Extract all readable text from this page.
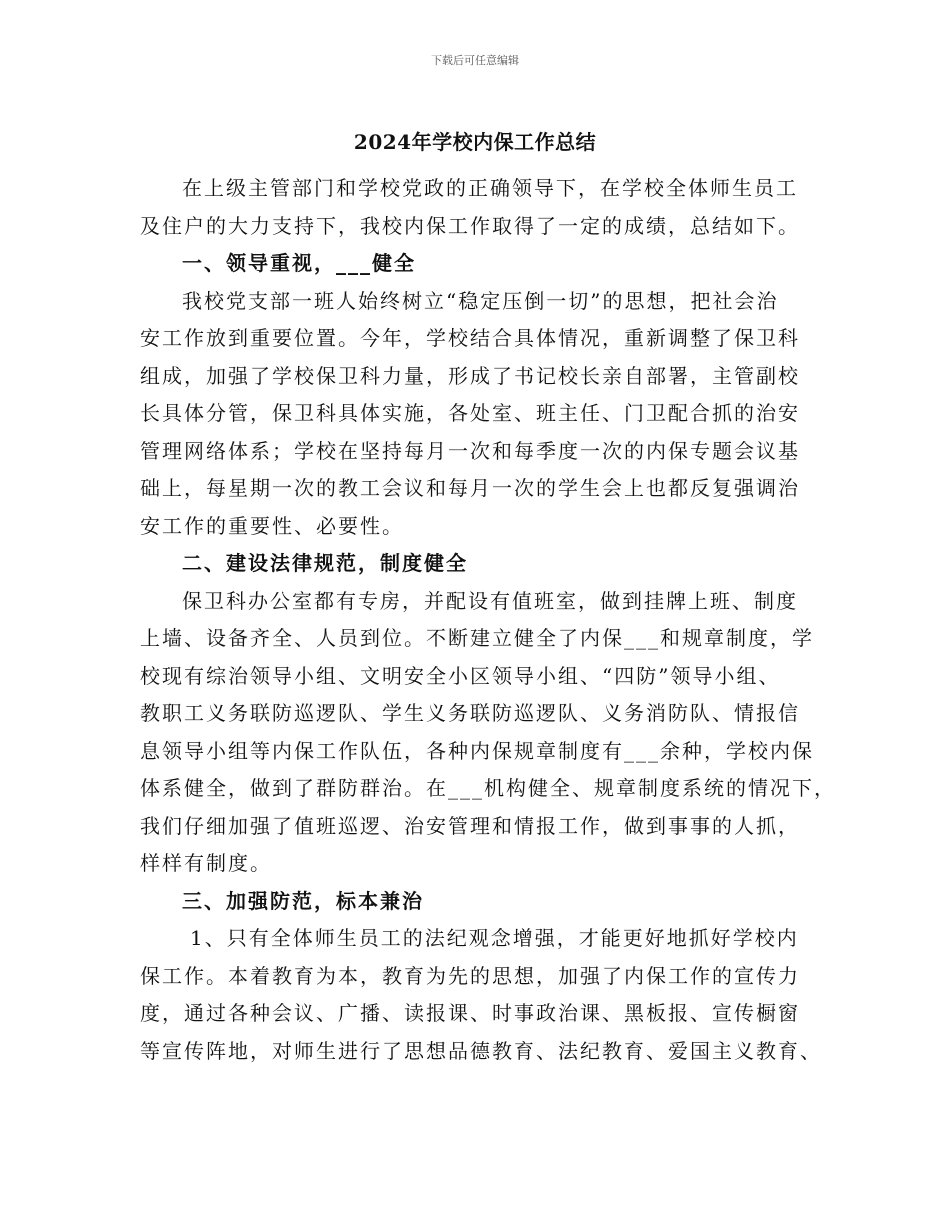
下载后可任意编辑
2024年学校内保工作总结
在上级主管部门和学校党政的正确领导下，在学校全体师生员工
及住户的大力支持下，我校内保工作取得了一定的成绩，总结如下。
一、领导重视，___健全
我校党支部一班人始终树立“稳定压倒一切”的思想，把社会治
安工作放到重要位置。今年，学校结合具体情况，重新调整了保卫科
组成，加强了学校保卫科力量，形成了书记校长亲自部署，主管副校
长具体分管，保卫科具体实施，各处室、班主任、门卫配合抓的治安
管理网络体系；学校在坚持每月一次和每季度一次的内保专题会议基
础上，每星期一次的教工会议和每月一次的学生会上也都反复强调治
安工作的重要性、必要性。
二、建设法律规范，制度健全
保卫科办公室都有专房，并配设有值班室，做到挂牌上班、制度
上墙、设备齐全、人员到位。不断建立健全了内保___和规章制度，学
校现有综治领导小组、文明安全小区领导小组、“四防”领导小组、
教职工义务联防巡逻队、学生义务联防巡逻队、义务消防队、情报信
息领导小组等内保工作队伍，各种内保规章制度有___余种，学校内保
体系健全，做到了群防群治。在___机构健全、规章制度系统的情况下，
我们仔细加强了值班巡逻、治安管理和情报工作，做到事事的人抓，
样样有制度。
三、加强防范，标本兼治
1、只有全体师生员工的法纪观念增强，才能更好地抓好学校内
保工作。本着教育为本，教育为先的思想，加强了内保工作的宣传力
度，通过各种会议、广播、读报课、时事政治课、黑板报、宣传橱窗
等宣传阵地，对师生进行了思想品德教育、法纪教育、爱国主义教育、
